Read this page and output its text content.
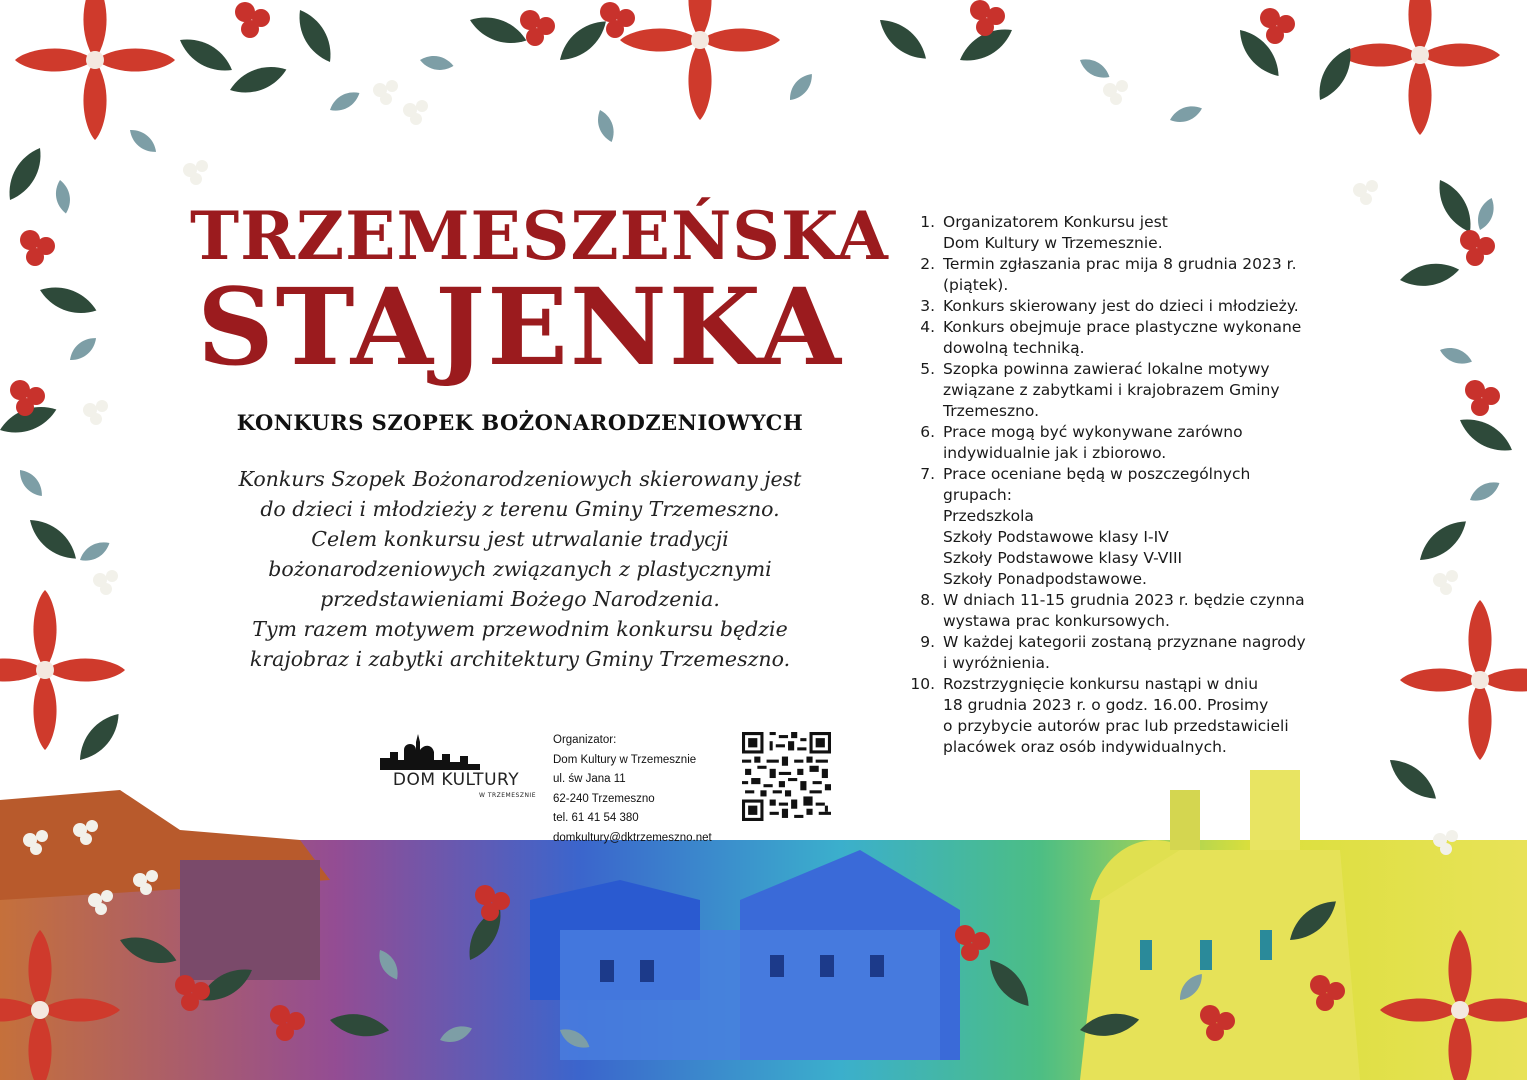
TRZEMESZEŃSKA
STAJENKA
KONKURS SZOPEK BOŻONARODZENIOWYCH
Konkurs Szopek Bożonarodzeniowych skierowany jest
do dzieci i młodzieży z terenu Gminy Trzemeszno.
Celem konkursu jest utrwalanie tradycji
bożonarodzeniowych związanych z plastycznymi
przedstawieniami Bożego Narodzenia.
Tym razem motywem przewodnim konkursu będzie
krajobraz i zabytki architektury Gminy Trzemeszno.
1. Organizatorem Konkursu jest
Dom Kultury w Trzemesznie.
2. Termin zgłaszania prac mija 8 grudnia 2023 r.
(piątek).
3. Konkurs skierowany jest do dzieci i młodzieży.
4. Konkurs obejmuje prace plastyczne wykonane
dowolną techniką.
5. Szopka powinna zawierać lokalne motywy
związane z zabytkami i krajobrazem Gminy
Trzemeszno.
6. Prace mogą być wykonywane zarówno
indywidualnie jak i zbiorowo.
7. Prace oceniane będą w poszczególnych
grupach:
Przedszkola
Szkoły Podstawowe klasy I-IV
Szkoły Podstawowe klasy V-VIII
Szkoły Ponadpodstawowe.
8. W dniach 11-15 grudnia 2023 r. będzie czynna
wystawa prac konkursowych.
9. W każdej kategorii zostaną przyznane nagrody
i wyróżnienia.
10. Rozstrzygnięcie konkursu nastąpi w dniu
18 grudnia 2023 r. o godz. 16.00. Prosimy
o przybycie autorów prac lub przedstawicieli
placówek oraz osób indywidualnych.
DOM KULTURY
W TRZEMESZNIE
Organizator:
Dom Kultury w Trzemesznie
ul. św Jana 11
62-240 Trzemeszno
tel. 61 41 54 380
domkultury@dktrzemeszno.net
